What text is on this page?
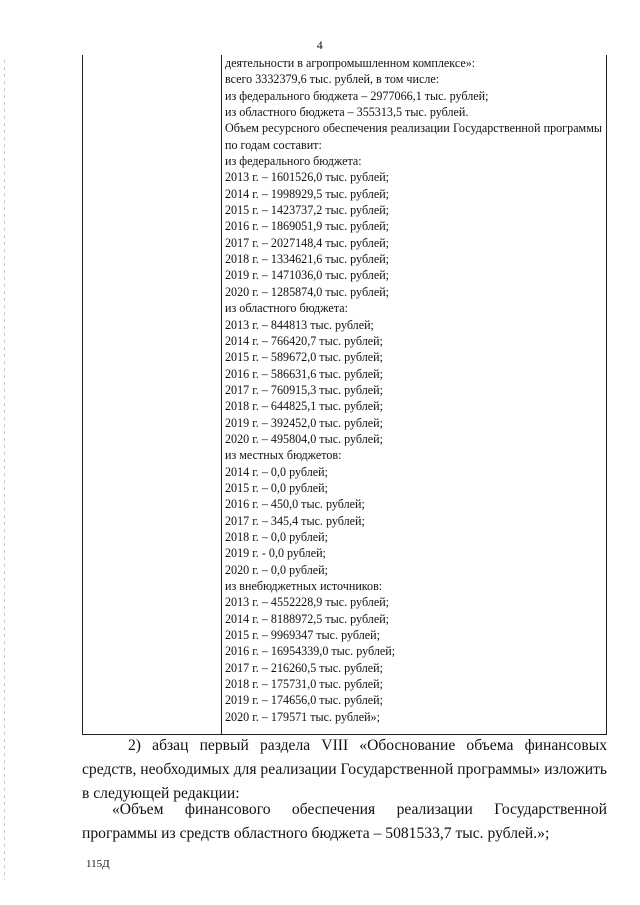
4
деятельности в агропромышленном комплексе»:
всего 3332379,6 тыс. рублей, в том числе:
из федерального бюджета – 2977066,1 тыс. рублей;
из областного бюджета – 355313,5 тыс. рублей.
Объем ресурсного обеспечения реализации Государственной программы по годам составит:
из федерального бюджета:
2013 г. – 1601526,0 тыс. рублей;
2014 г. – 1998929,5 тыс. рублей;
2015 г. – 1423737,2 тыс. рублей;
2016 г. – 1869051,9 тыс. рублей;
2017 г. – 2027148,4 тыс. рублей;
2018 г. – 1334621,6 тыс. рублей;
2019 г. – 1471036,0 тыс. рублей;
2020 г. – 1285874,0 тыс. рублей;
из областного бюджета:
2013 г. – 844813 тыс. рублей;
2014 г. – 766420,7 тыс. рублей;
2015 г. – 589672,0 тыс. рублей;
2016 г. – 586631,6 тыс. рублей;
2017 г. – 760915,3 тыс. рублей;
2018 г. – 644825,1 тыс. рублей;
2019 г. – 392452,0 тыс. рублей;
2020 г. – 495804,0 тыс. рублей;
из местных бюджетов:
2014 г. – 0,0 рублей;
2015 г. – 0,0 рублей;
2016 г. – 450,0 тыс. рублей;
2017 г. – 345,4 тыс. рублей;
2018 г. – 0,0 рублей;
2019 г. - 0,0 рублей;
2020 г. – 0,0 рублей;
из внебюджетных источников:
2013 г. – 4552228,9 тыс. рублей;
2014 г. – 8188972,5 тыс. рублей;
2015 г. – 9969347 тыс. рублей;
2016 г. – 16954339,0 тыс. рублей;
2017 г. – 216260,5 тыс. рублей;
2018 г. – 175731,0 тыс. рублей;
2019 г. – 174656,0 тыс. рублей;
2020 г. – 179571 тыс. рублей»;
2) абзац первый раздела VIII «Обоснование объема финансовых средств, необходимых для реализации Государственной программы» изложить в следующей редакции:
«Объем финансового обеспечения реализации Государственной программы из средств областного бюджета – 5081533,7 тыс. рублей.»;
115Д
